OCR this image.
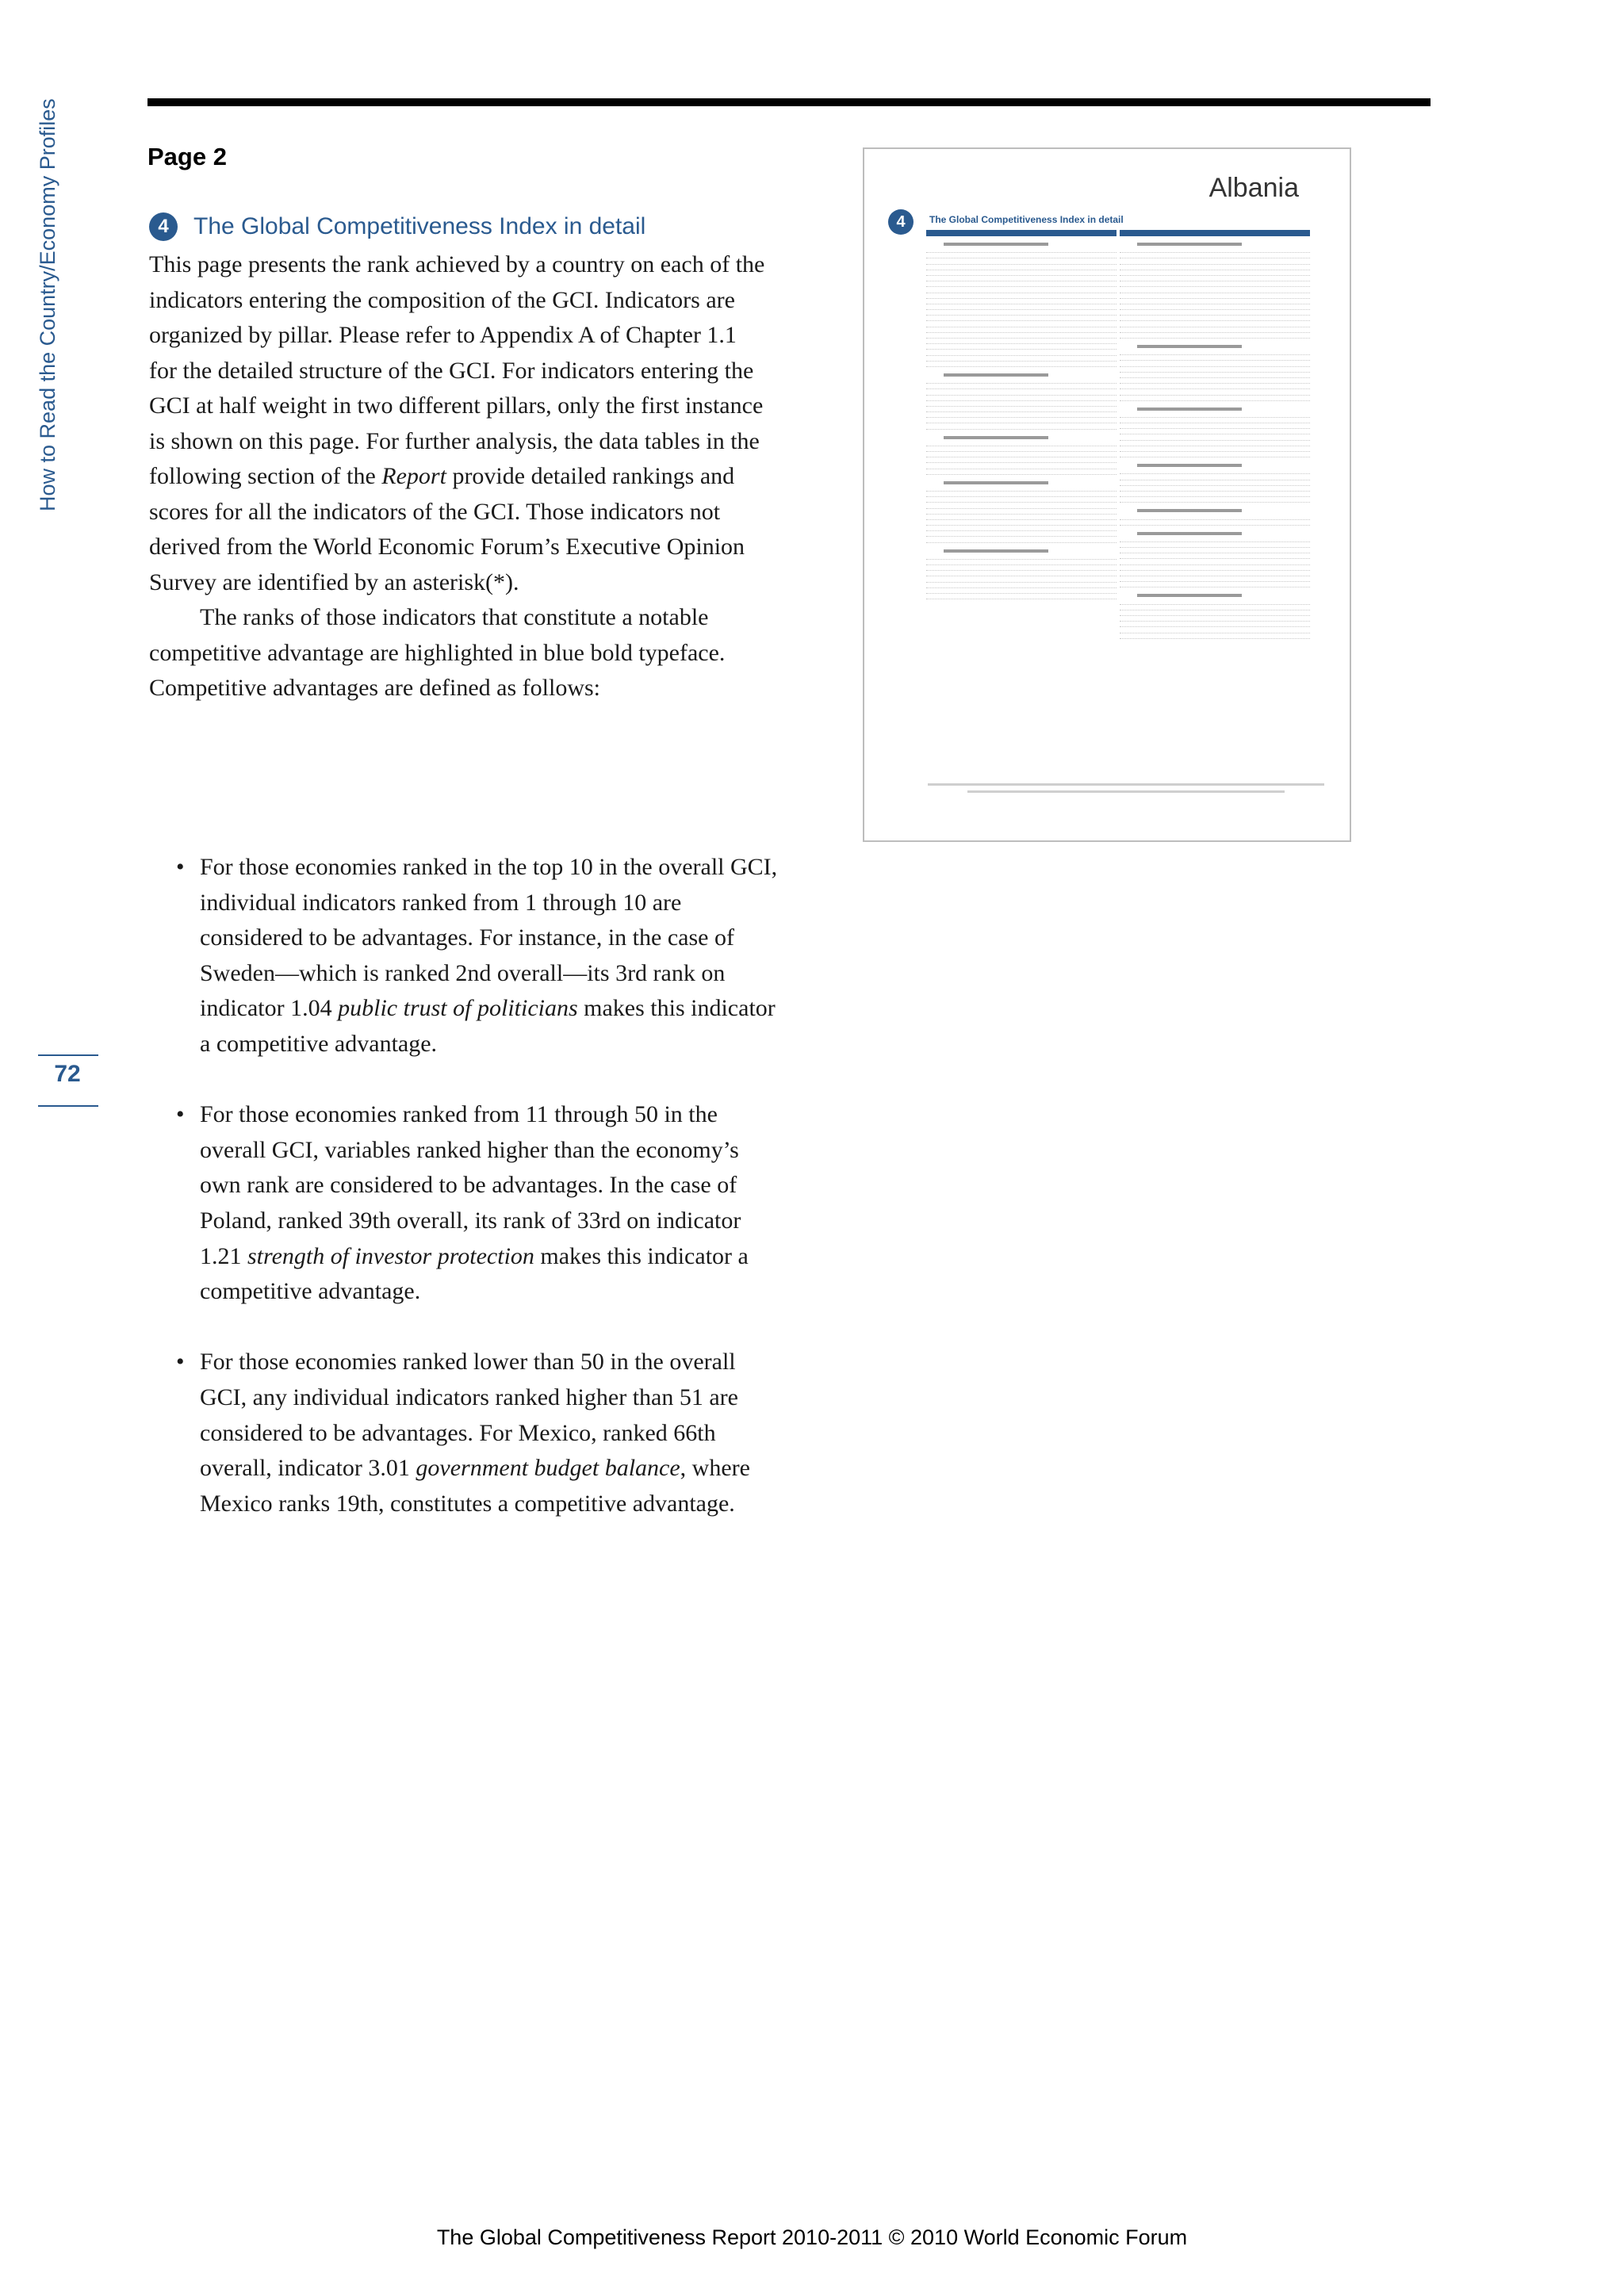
How to Read the Country/Economy Profiles
72
Page 2
4	The Global Competitiveness Index in detail

This page presents the rank achieved by a country on each of the indicators entering the composition of the GCI. Indicators are organized by pillar. Please refer to Appendix A of Chapter 1.1 for the detailed structure of the GCI. For indicators entering the GCI at half weight in two different pillars, only the first instance is shown on this page. For further analysis, the data tables in the following section of the Report provide detailed rankings and scores for all the indicators of the GCI. Those indicators not derived from the World Economic Forum’s Executive Opinion Survey are identified by an asterisk(*).

The ranks of those indicators that constitute a notable competitive advantage are highlighted in blue bold typeface. Competitive advantages are defined as follows:

• For those economies ranked in the top 10 in the overall GCI, individual indicators ranked from 1 through 10 are considered to be advantages. For instance, in the case of Sweden—which is ranked 2nd overall—its 3rd rank on indicator 1.04 public trust of politicians makes this indicator a competitive advantage.
• For those economies ranked from 11 through 50 in the overall GCI, variables ranked higher than the economy’s own rank are considered to be advantages. In the case of Poland, ranked 39th overall, its rank of 33rd on indicator 1.21 strength of investor protection makes this indicator a competitive advantage.
• For those economies ranked lower than 50 in the overall GCI, any individual indicators ranked higher than 51 are considered to be advantages. For Mexico, ranked 66th overall, indicator 3.01 government budget balance, where Mexico ranks 19th, constitutes a competitive advantage.
Albania
4	The Global Competitiveness Index in detail
The Global Competitiveness Report 2010-2011 © 2010 World Economic Forum
